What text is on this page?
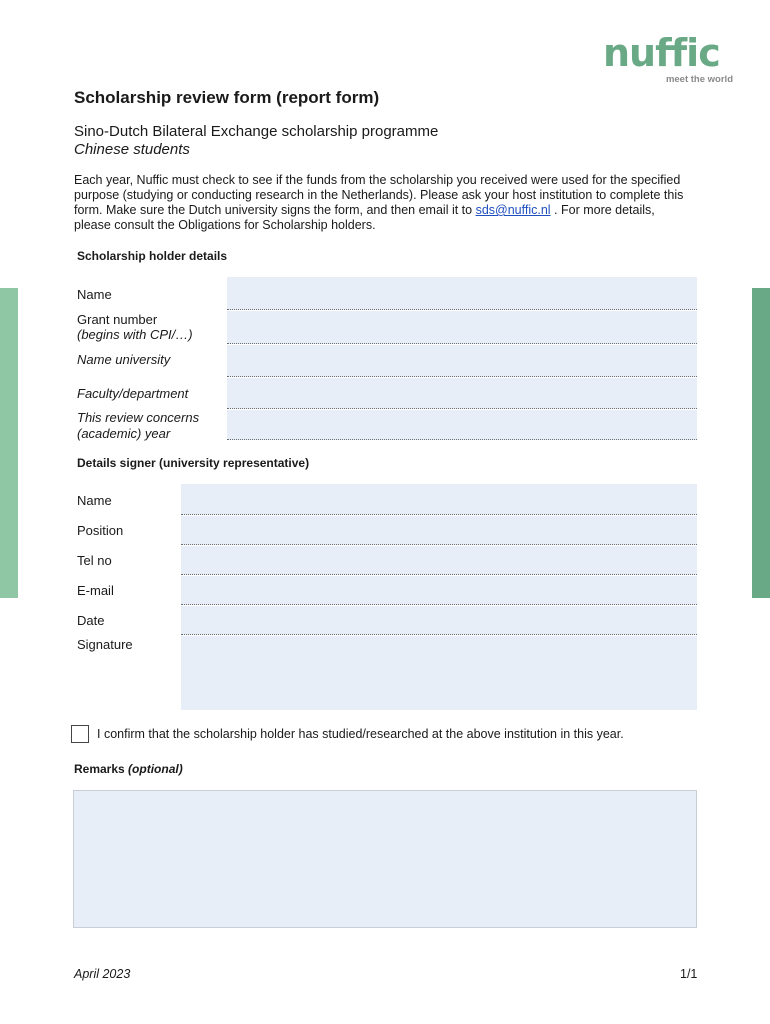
nuffic
meet the world
Scholarship review form (report form)
Sino-Dutch Bilateral Exchange scholarship programme
Chinese students
Each year, Nuffic must check to see if the funds from the scholarship you received were used for the specified purpose (studying or conducting research in the Netherlands). Please ask your host institution to complete this form. Make sure the Dutch university signs the form, and then email it to sds@nuffic.nl . For more details, please consult the Obligations for Scholarship holders.
Scholarship holder details
Name
Grant number
(begins with CPI/…)
Name university
Faculty/department
This review concerns
(academic) year
Details signer (university representative)
Name
Position
Tel no
E-mail
Date
Signature
I confirm that the scholarship holder has studied/researched at the above institution in this year.
Remarks (optional)
April 2023	1/1
